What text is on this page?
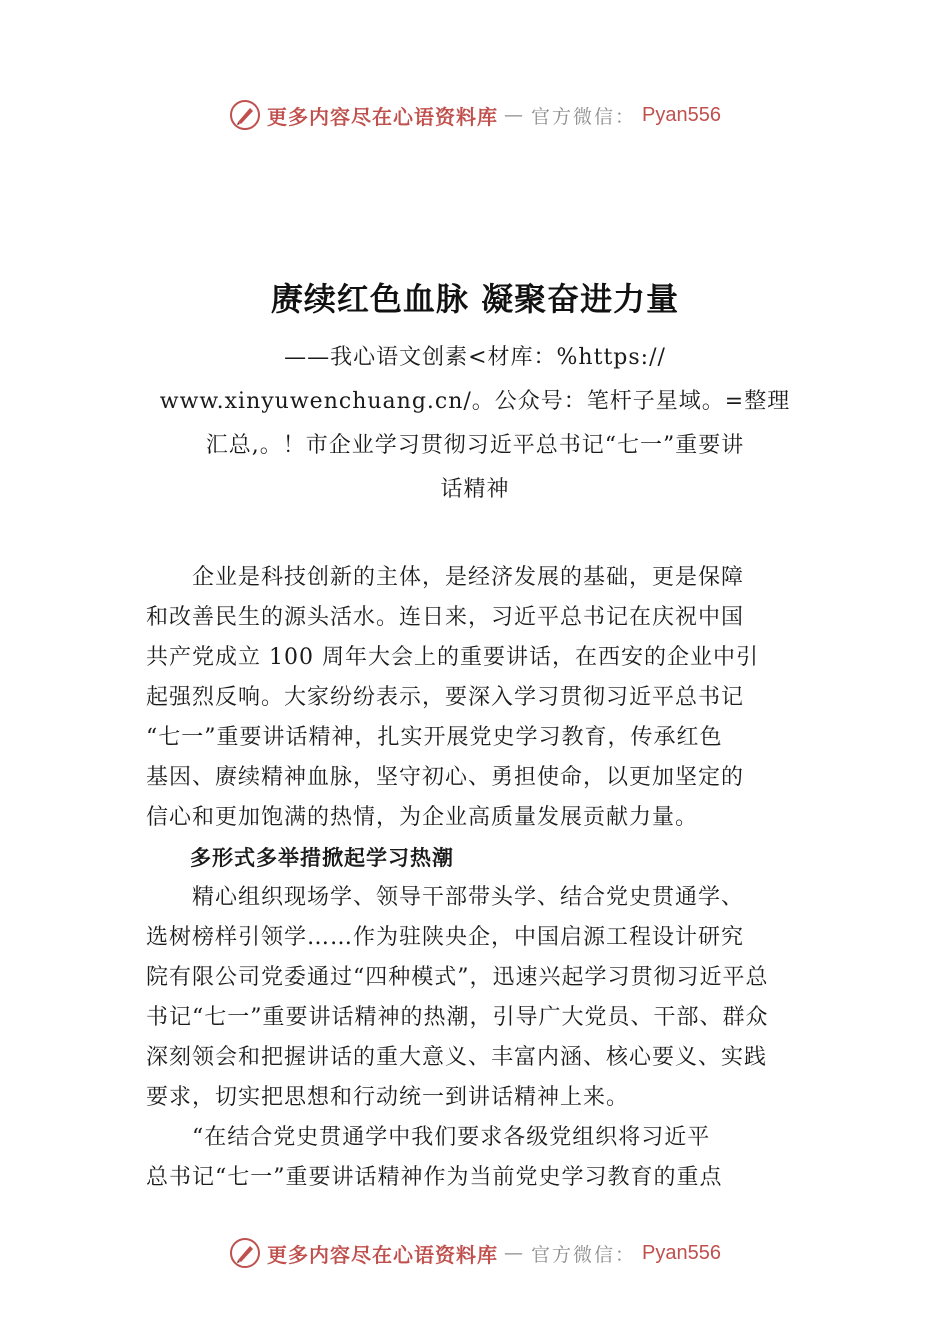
更多内容尽在心语资料库 — 官方微信： Pyan556
赓续红色血脉 凝聚奋进力量
——我心语文创素<材库：%https://
www.xinyuwenchuang.cn/。公众号：笔杆子星域。=整理
汇总,。！市企业学习贯彻习近平总书记“七一”重要讲
话精神
　　企业是科技创新的主体，是经济发展的基础，更是保障
和改善民生的源头活水。连日来，习近平总书记在庆祝中国
共产党成立 100 周年大会上的重要讲话，在西安的企业中引
起强烈反响。大家纷纷表示，要深入学习贯彻习近平总书记
“七一”重要讲话精神，扎实开展党史学习教育，传承红色
基因、赓续精神血脉，坚守初心、勇担使命，以更加坚定的
信心和更加饱满的热情，为企业高质量发展贡献力量。
　　多形式多举措掀起学习热潮
　　精心组织现场学、领导干部带头学、结合党史贯通学、
选树榜样引领学……作为驻陕央企，中国启源工程设计研究
院有限公司党委通过“四种模式”，迅速兴起学习贯彻习近平总
书记“七一”重要讲话精神的热潮，引导广大党员、干部、群众
深刻领会和把握讲话的重大意义、丰富内涵、核心要义、实践
要求，切实把思想和行动统一到讲话精神上来。
　　“在结合党史贯通学中我们要求各级党组织将习近平
总书记“七一”重要讲话精神作为当前党史学习教育的重点
更多内容尽在心语资料库 — 官方微信： Pyan556
